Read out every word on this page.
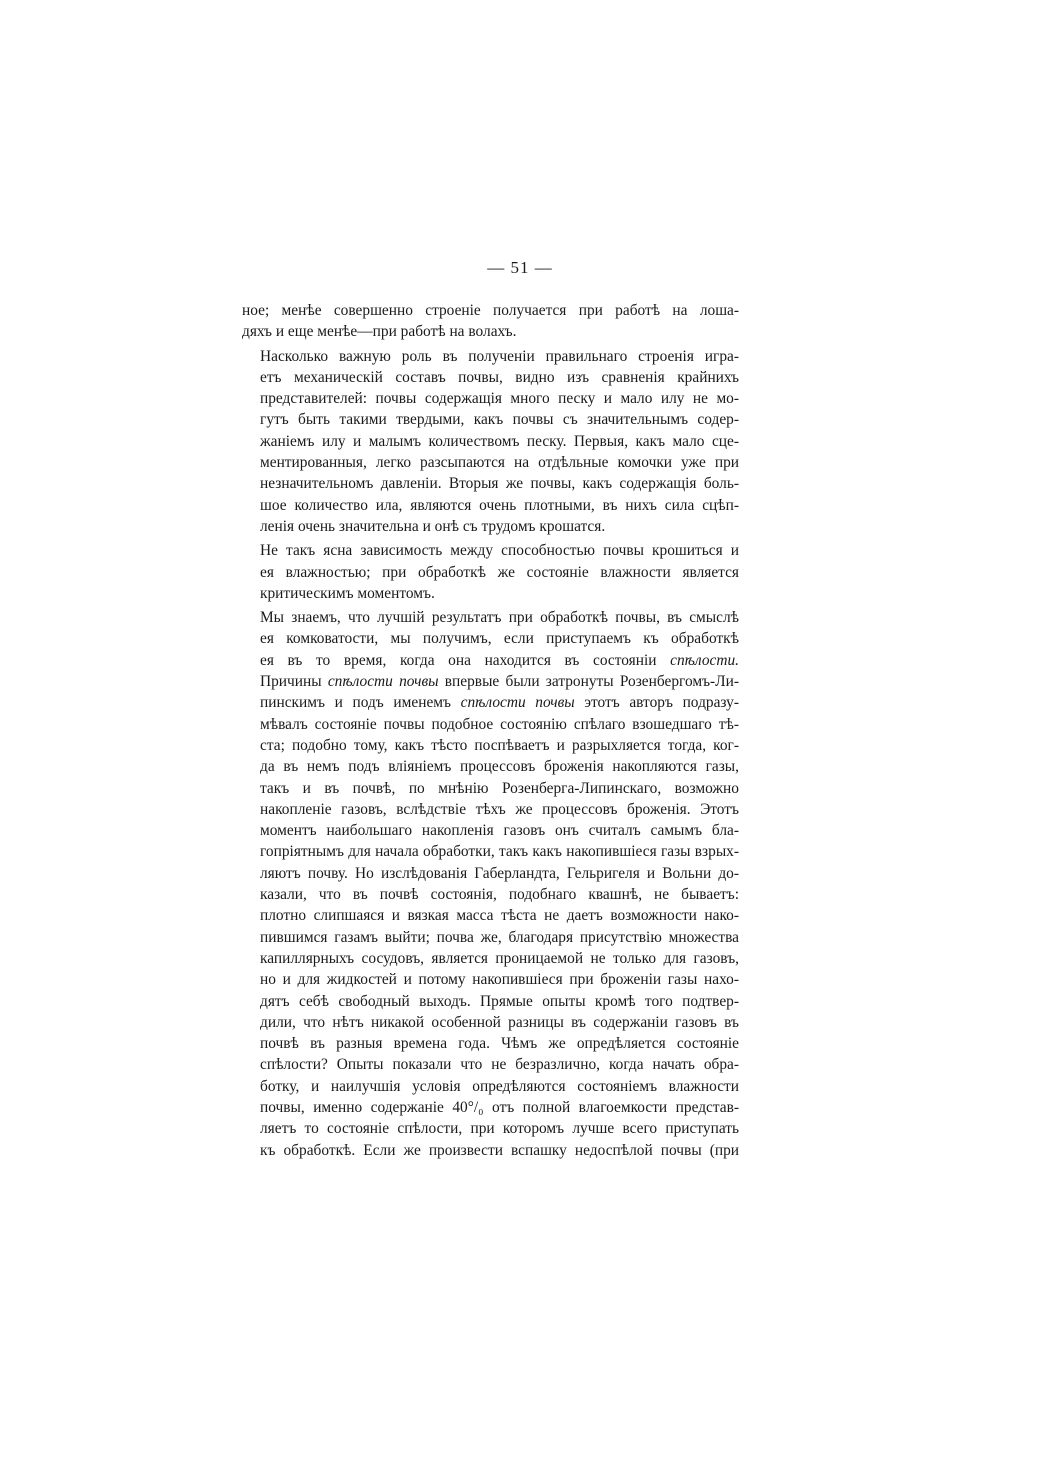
— 51 —

ное; менѣе совершенно строеніе получается при работѣ на лоша-
дяхъ и еще менѣе—при работѣ на волахъ.

Насколько важную роль въ полученіи правильнаго строенія игра-
етъ механическій составъ почвы, видно изъ сравненія крайнихъ
представителей: почвы содержащія много песку и мало илу не мо-
гутъ быть такими твердыми, какъ почвы съ значительнымъ содер-
жаніемъ илу и малымъ количествомъ песку. Первыя, какъ мало сце-
ментированныя, легко разсыпаются на отдѣльные комочки уже при
незначительномъ давленіи. Вторыя же почвы, какъ содержащія боль-
шое количество ила, являются очень плотными, въ нихъ сила сцѣп-
ленія очень значительна и онѣ съ трудомъ крошатся.

Не такъ ясна зависимость между способностью почвы крошиться и
ея влажностью; при обработкѣ же состояніе влажности является
критическимъ моментомъ.

Мы знаемъ, что лучшій результатъ при обработкѣ почвы, въ смыслѣ
ея комковатости, мы получимъ, если приступаемъ къ обработкѣ
ея въ то время, когда она находится въ состояніи спѣлости.
Причины спѣлости почвы впервые были затронуты Розенбергомъ-Ли-
пинскимъ и подъ именемъ спѣлости почвы этотъ авторъ подразу-
мѣвалъ состояніе почвы подобное состоянію спѣлаго взошедшаго тѣ-
ста; подобно тому, какъ тѣсто поспѣваетъ и разрыхляется тогда, ког-
да въ немъ подъ вліяніемъ процессовъ броженія накопляются газы,
такъ и въ почвѣ, по мнѣнію Розенберга-Липинскаго, возможно
накопленіе газовъ, вслѣдствіе тѣхъ же процессовъ броженія. Этотъ
моментъ наибольшаго накопленія газовъ онъ считалъ самымъ бла-
гопріятнымъ для начала обработки, такъ какъ накопившіеся газы взрых-
ляютъ почву. Но изслѣдованія Габерландта, Гельригеля и Вольни до-
казали, что въ почвѣ состоянія, подобнаго квашнѣ, не бываетъ:
плотно слипшаяся и вязкая масса тѣста не даетъ возможности нако-
пившимся газамъ выйти; почва же, благодаря присутствію множества
капиллярныхъ сосудовъ, является проницаемой не только для газовъ,
но и для жидкостей и потому накопившіеся при броженіи газы нахо-
дятъ себѣ свободный выходъ. Прямые опыты кромѣ того подтвер-
дили, что нѣтъ никакой особенной разницы въ содержаніи газовъ въ
почвѣ въ разныя времена года. Чѣмъ же опредѣляется состояніе
спѣлости? Опыты показали что не безразлично, когда начать обра-
ботку, и наилучшія условія опредѣляются состояніемъ влажности
почвы, именно содержаніе 40°/₀ отъ полной влагоемкости представ-
ляетъ то состояніе спѣлости, при которомъ лучше всего приступать
къ обработкѣ. Если же произвести вспашку недоспѣлой почвы (при
